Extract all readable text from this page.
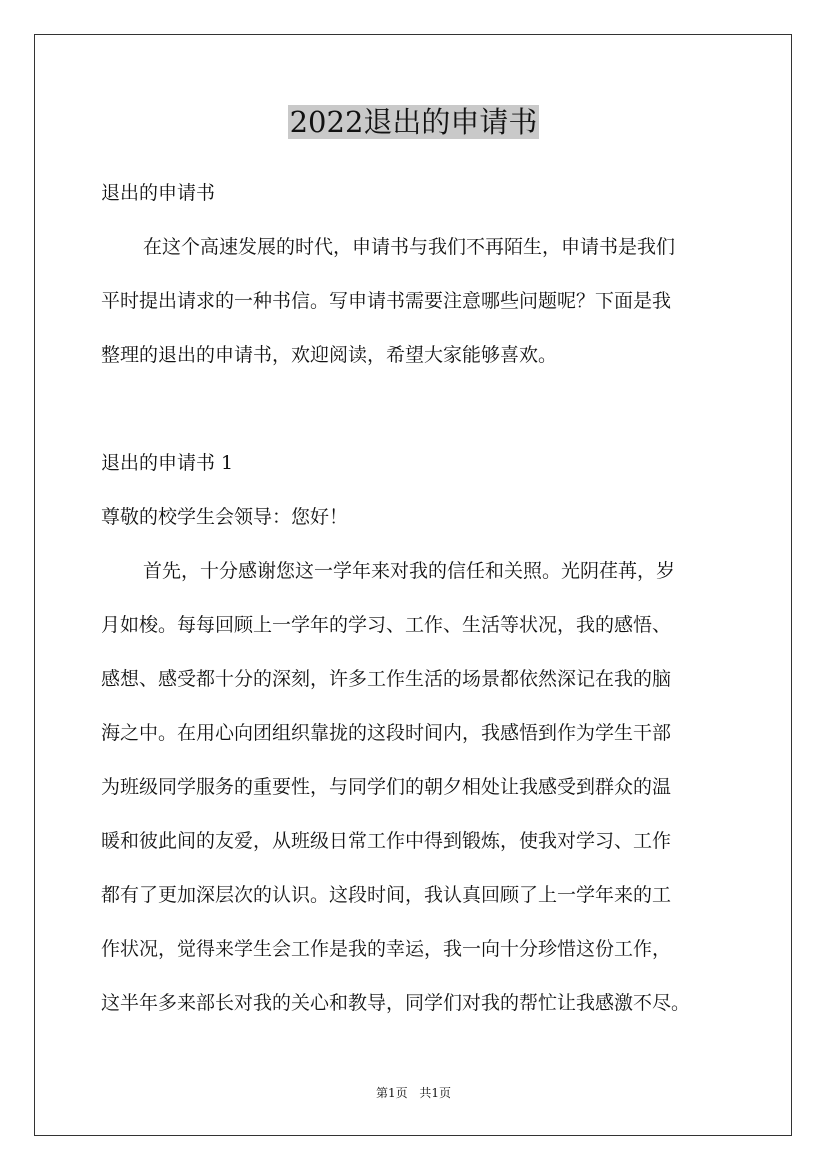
2022退出的申请书

退出的申请书

在这个高速发展的时代，申请书与我们不再陌生，申请书是我们

平时提出请求的一种书信。写申请书需要注意哪些问题呢？下面是我

整理的退出的申请书，欢迎阅读，希望大家能够喜欢。

退出的申请书 1

尊敬的校学生会领导：您好！

首先，十分感谢您这一学年来对我的信任和关照。光阴荏苒，岁

月如梭。每每回顾上一学年的学习、工作、生活等状况，我的感悟、

感想、感受都十分的深刻，许多工作生活的场景都依然深记在我的脑

海之中。在用心向团组织靠拢的这段时间内，我感悟到作为学生干部

为班级同学服务的重要性，与同学们的朝夕相处让我感受到群众的温

暖和彼此间的友爱，从班级日常工作中得到锻炼，使我对学习、工作

都有了更加深层次的认识。这段时间，我认真回顾了上一学年来的工

作状况，觉得来学生会工作是我的幸运，我一向十分珍惜这份工作，

这半年多来部长对我的关心和教导，同学们对我的帮忙让我感激不尽。

第1页 共1页
